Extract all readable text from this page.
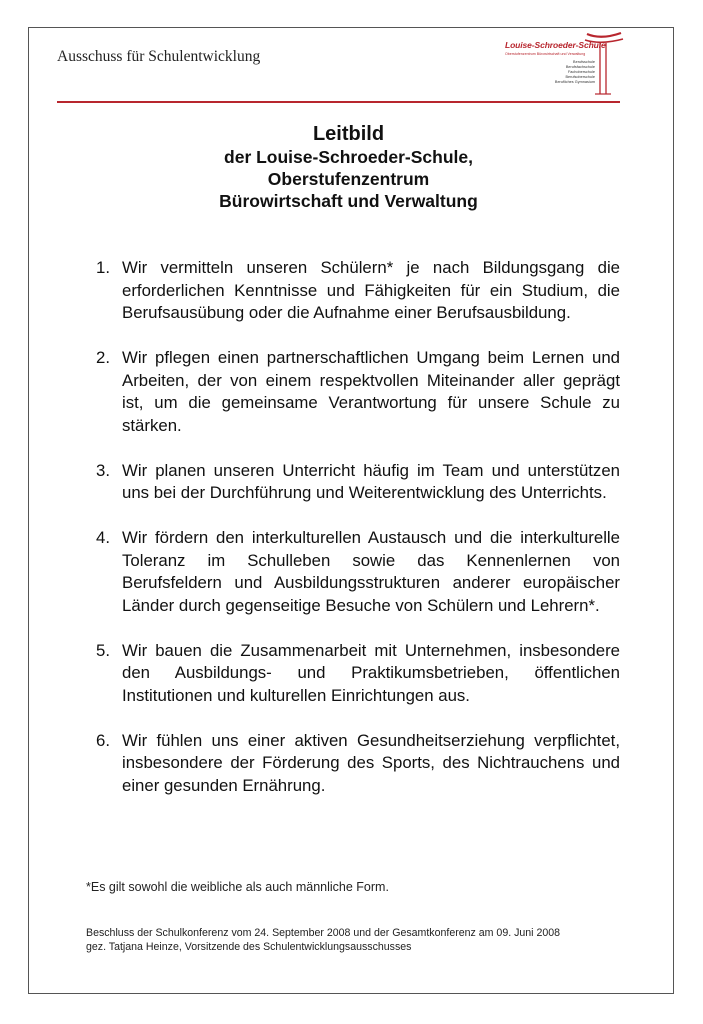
Ausschuss für Schulentwicklung
Louise-Schroeder-Schule
Oberstufenzentrum Bürowirtschaft und Verwaltung
Berufsschule
Berufsfachschule
Fachoberschule
Berufsoberschule
Berufliches Gymnasium
Leitbild
der Louise-Schroeder-Schule,
Oberstufenzentrum
Bürowirtschaft und Verwaltung
1. Wir vermitteln unseren Schülern* je nach Bildungsgang die erforderlichen Kenntnisse und Fähigkeiten für ein Studium, die Berufsausübung oder die Aufnahme einer Berufsausbildung.
2. Wir pflegen einen partnerschaftlichen Umgang beim Lernen und Arbeiten, der von einem respektvollen Miteinander aller geprägt ist, um die gemeinsame Verantwortung für unsere Schule zu stärken.
3. Wir planen unseren Unterricht häufig im Team und unterstützen uns bei der Durchführung und Weiterentwicklung des Unterrichts.
4. Wir fördern den interkulturellen Austausch und die interkulturelle Toleranz im Schulleben sowie das Kennenlernen von Berufsfeldern und Ausbildungsstrukturen anderer europäischer Länder durch gegenseitige Besuche von Schülern und Lehrern*.
5. Wir bauen die Zusammenarbeit mit Unternehmen, insbesondere den Ausbildungs- und Praktikumsbetrieben, öffentlichen Institutionen und kulturellen Einrichtungen aus.
6. Wir fühlen uns einer aktiven Gesundheitserziehung verpflichtet, insbesondere der Förderung des Sports, des Nichtrauchens und einer gesunden Ernährung.
*Es gilt sowohl die weibliche als auch männliche Form.
Beschluss der Schulkonferenz vom 24. September 2008 und der Gesamtkonferenz am 09. Juni 2008
gez. Tatjana Heinze, Vorsitzende des Schulentwicklungsausschusses
